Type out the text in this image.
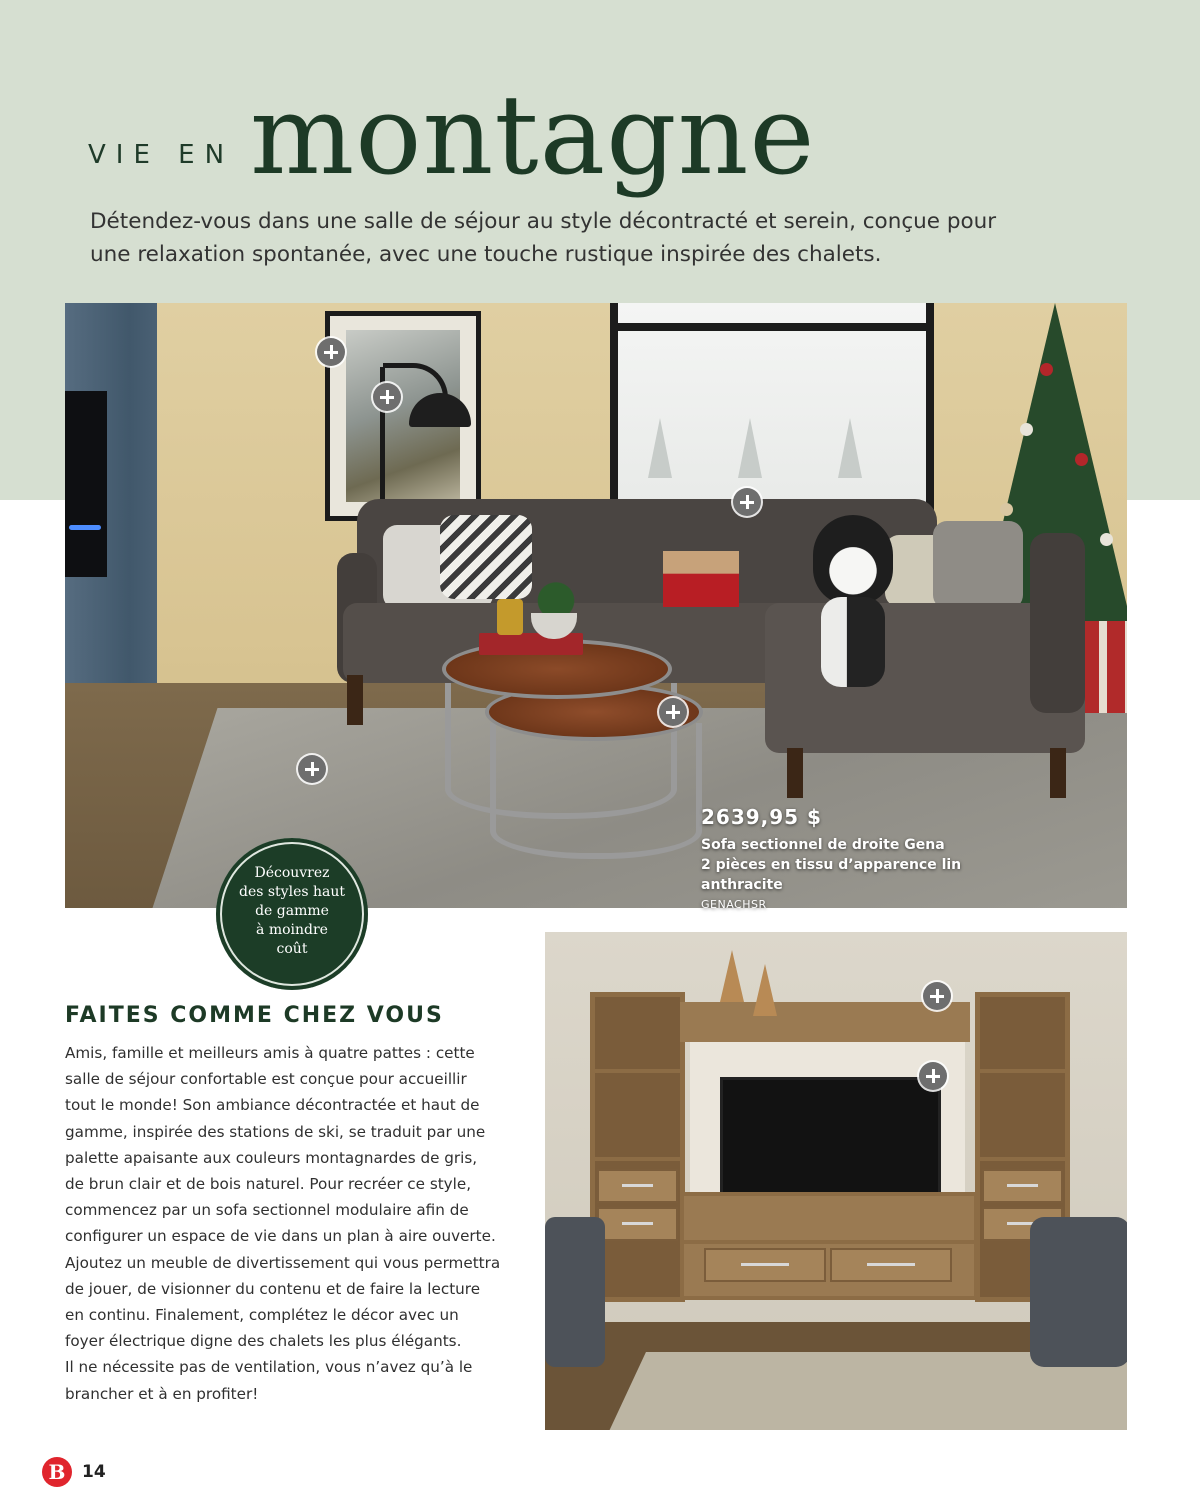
VIE EN montagne
Détendez-vous dans une salle de séjour au style décontracté et serein, conçue pour
une relaxation spontanée, avec une touche rustique inspirée des chalets.
2639,95 $
Sofa sectionnel de droite Gena
2 pièces en tissu d’apparence lin
anthracite
GENACHSR
Découvrez
des styles haut
de gamme
à moindre
coût
FAITES COMME CHEZ VOUS
Amis, famille et meilleurs amis à quatre pattes : cette
salle de séjour confortable est conçue pour accueillir
tout le monde! Son ambiance décontractée et haut de
gamme, inspirée des stations de ski, se traduit par une
palette apaisante aux couleurs montagnardes de gris,
de brun clair et de bois naturel. Pour recréer ce style,
commencez par un sofa sectionnel modulaire afin de
configurer un espace de vie dans un plan à aire ouverte.
Ajoutez un meuble de divertissement qui vous permettra
de jouer, de visionner du contenu et de faire la lecture
en continu. Finalement, complétez le décor avec un
foyer électrique digne des chalets les plus élégants.
Il ne nécessite pas de ventilation, vous n’avez qu’à le
brancher et à en profiter!
B 14
